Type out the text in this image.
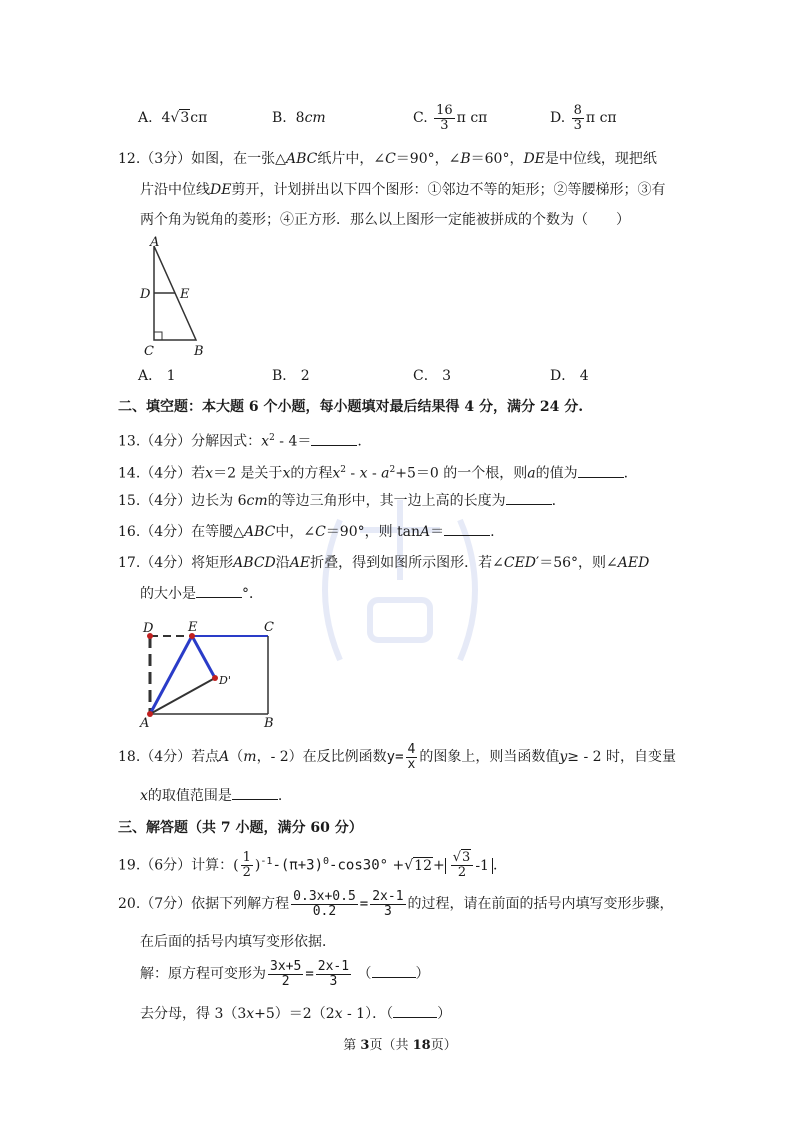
A. 4√3cπ	B. 8cm	C. $\frac{16}{3}$ π cπ	D. $\frac{8}{3}$ π cπ
12.（3分）如图，在一张△ABC纸片中，∠C＝90°，∠B＝60°，DE是中位线，现把纸
片沿中位线DE剪开，计划拼出以下四个图形：①邻边不等的矩形；②等腰梯形；③有
两个角为锐角的菱形；④正方形．那么以上图形一定能被拼成的个数为（　　）
A
D E
C	B
A． 1	B． 2	C． 3	D． 4
二、填空题：本大题 6 个小题，每小题填对最后结果得 4 分，满分 24 分.
13.（4分）分解因式：$x^2 - 4=$	.
14.（4分）若x＝2 是关于x的方程$x^2 - x - a^2+5=0$ 的一个根，则a的值为	.
15.（4分）边长为 6cm的等边三角形中，其一边上高的长度为	.
16.（4分）在等腰△ABC中，∠C＝90°，则 tanA＝	.
17.（4分）将矩形ABCD沿AE折叠，得到如图所示图形．若∠CED′＝56°，则∠AED
的大小是	°．
D	E	C
D'
A	B
18.（4分）若点A（m，- 2）在反比例函数$y= \frac{4}{x}$ 的图象上，则当函数值y≥ - 2 时，自变量
x的取值范围是	.
三、解答题（共 7 小题，满分 60 分）
19.（6分）计算：( $\frac{1}{2} )^{-1}-(\pi+3)^0-\cos 30^\circ +√12+ \frac{√3}{2} -1$ .
20.（7分）依据下列解方程 $\frac{0.3x+0.5}{0.2} = \frac{2x-1}{3}$ 的过程，请在前面的括号内填写变形步骤，
在后面的括号内填写变形依据．
解：原方程可变形为 $\frac{3x+5}{2} = \frac{2x-1}{3}$ （	）
去分母，得 3（3x+5）＝2（2x - 1）．（	）
第 3页（共 18页）
